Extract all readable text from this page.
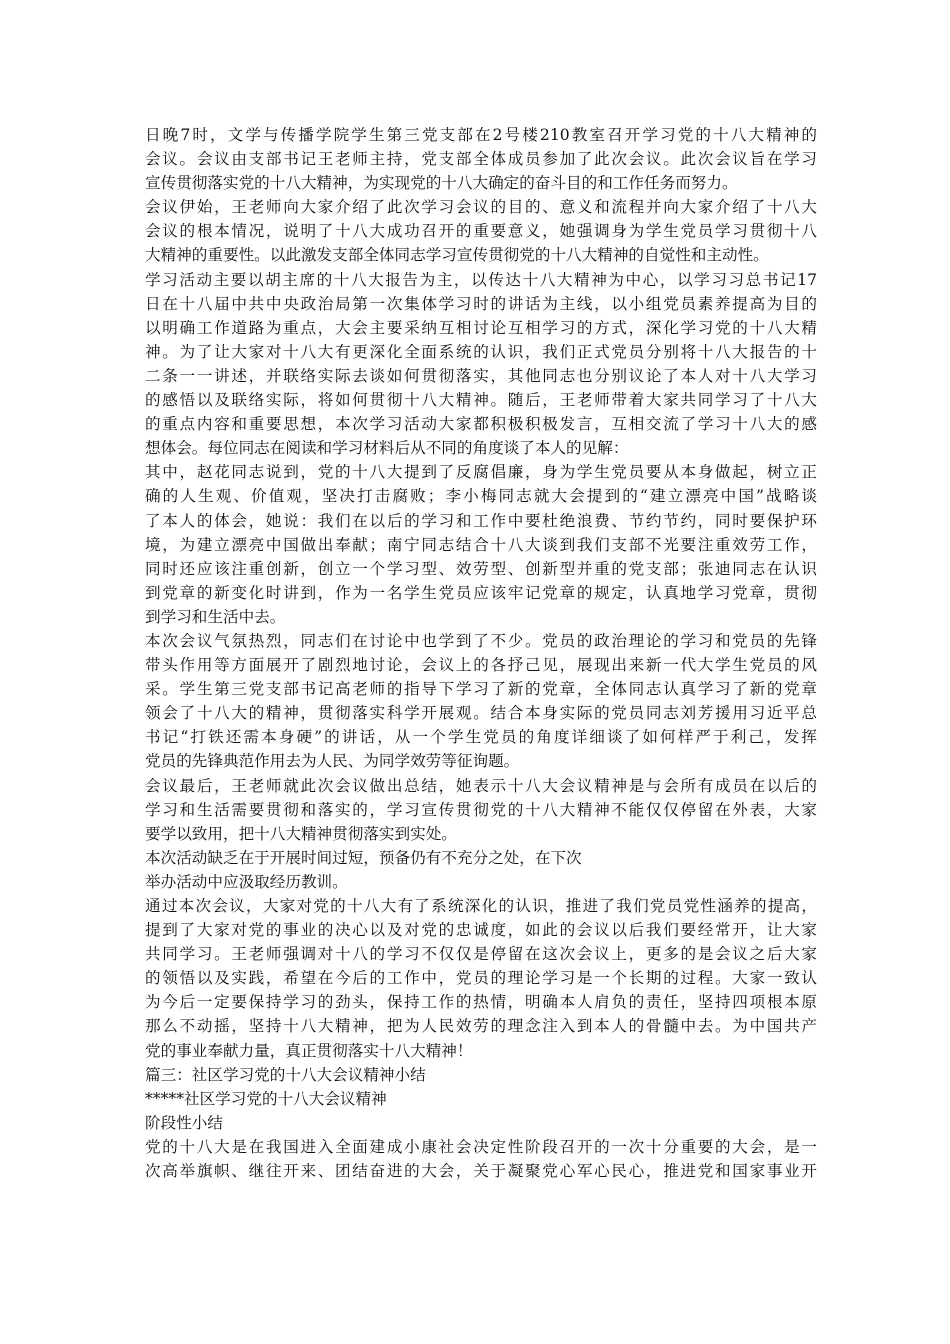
日晚7时，文学与传播学院学生第三党支部在2号楼210教室召开学习党的十八大精神的
会议。会议由支部书记王老师主持，党支部全体成员参加了此次会议。此次会议旨在学习
宣传贯彻落实党的十八大精神，为实现党的十八大确定的奋斗目的和工作任务而努力。
会议伊始，王老师向大家介绍了此次学习会议的目的、意义和流程并向大家介绍了十八大
会议的根本情况，说明了十八大成功召开的重要意义，她强调身为学生党员学习贯彻十八
大精神的重要性。以此激发支部全体同志学习宣传贯彻党的十八大精神的自觉性和主动性。
学习活动主要以胡主席的十八大报告为主，以传达十八大精神为中心，以学习习总书记17
日在十八届中共中央政治局第一次集体学习时的讲话为主线，以小组党员素养提高为目的
以明确工作道路为重点，大会主要采纳互相讨论互相学习的方式，深化学习党的十八大精
神。为了让大家对十八大有更深化全面系统的认识，我们正式党员分别将十八大报告的十
二条一一讲述，并联络实际去谈如何贯彻落实，其他同志也分别议论了本人对十八大学习
的感悟以及联络实际，将如何贯彻十八大精神。随后，王老师带着大家共同学习了十八大
的重点内容和重要思想，本次学习活动大家都积极积极发言，互相交流了学习十八大的感
想体会。每位同志在阅读和学习材料后从不同的角度谈了本人的见解：
其中，赵花同志说到，党的十八大提到了反腐倡廉，身为学生党员要从本身做起，树立正
确的人生观、价值观，坚决打击腐败；李小梅同志就大会提到的“建立漂亮中国”战略谈
了本人的体会，她说：我们在以后的学习和工作中要杜绝浪费、节约节约，同时要保护环
境，为建立漂亮中国做出奉献；南宁同志结合十八大谈到我们支部不光要注重效劳工作，
同时还应该注重创新，创立一个学习型、效劳型、创新型并重的党支部；张迪同志在认识
到党章的新变化时讲到，作为一名学生党员应该牢记党章的规定，认真地学习党章，贯彻
到学习和生活中去。
本次会议气氛热烈，同志们在讨论中也学到了不少。党员的政治理论的学习和党员的先锋
带头作用等方面展开了剧烈地讨论，会议上的各抒己见，展现出来新一代大学生党员的风
采。学生第三党支部书记高老师的指导下学习了新的党章，全体同志认真学习了新的党章
领会了十八大的精神，贯彻落实科学开展观。结合本身实际的党员同志刘芳援用习近平总
书记“打铁还需本身硬”的讲话，从一个学生党员的角度详细谈了如何样严于利己，发挥
党员的先锋典范作用去为人民、为同学效劳等征询题。
会议最后，王老师就此次会议做出总结，她表示十八大会议精神是与会所有成员在以后的
学习和生活需要贯彻和落实的，学习宣传贯彻党的十八大精神不能仅仅停留在外表，大家
要学以致用，把十八大精神贯彻落实到实处。
本次活动缺乏在于开展时间过短，预备仍有不充分之处，在下次
举办活动中应汲取经历教训。
通过本次会议，大家对党的十八大有了系统深化的认识，推进了我们党员党性涵养的提高，
提到了大家对党的事业的决心以及对党的忠诚度，如此的会议以后我们要经常开，让大家
共同学习。王老师强调对十八的学习不仅仅是停留在这次会议上，更多的是会议之后大家
的领悟以及实践，希望在今后的工作中，党员的理论学习是一个长期的过程。大家一致认
为今后一定要保持学习的劲头，保持工作的热情，明确本人肩负的责任，坚持四项根本原
那么不动摇，坚持十八大精神，把为人民效劳的理念注入到本人的骨髓中去。为中国共产
党的事业奉献力量，真正贯彻落实十八大精神！
篇三：社区学习党的十八大会议精神小结
*****社区学习党的十八大会议精神
阶段性小结
党的十八大是在我国进入全面建成小康社会决定性阶段召开的一次十分重要的大会，是一
次高举旗帜、继往开来、团结奋进的大会，关于凝聚党心军心民心，推进党和国家事业开
